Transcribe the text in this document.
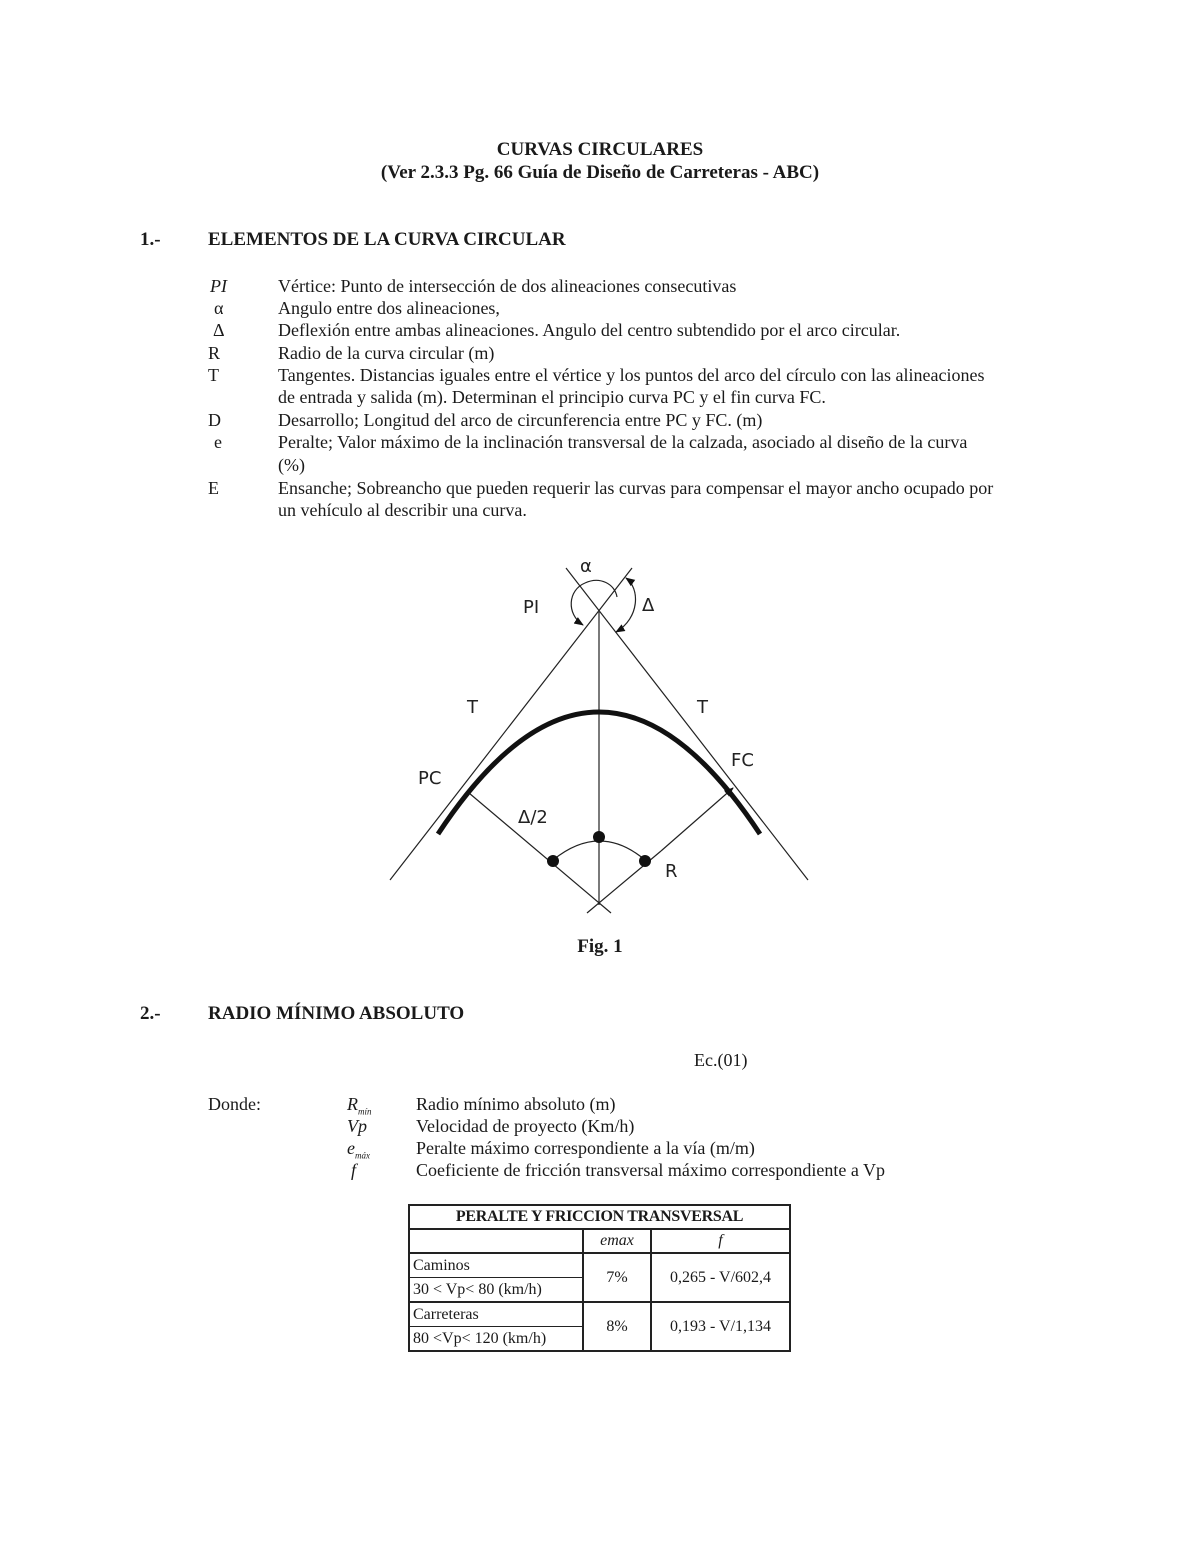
CURVAS CIRCULARES
(Ver 2.3.3 Pg. 66 Guía de Diseño de Carreteras - ABC)
1.- ELEMENTOS DE LA CURVA CIRCULAR
PI	Vértice: Punto de intersección de dos alineaciones consecutivas
α	Angulo entre dos alineaciones,
Δ	Deflexión entre ambas alineaciones. Angulo del centro subtendido por el arco circular.
R	Radio de la curva circular (m)
T	Tangentes. Distancias iguales entre el vértice y los puntos del arco del círculo con las alineaciones
de entrada y salida (m). Determinan el principio curva PC y el fin curva FC.
D	Desarrollo; Longitud del arco de circunferencia entre PC y FC. (m)
e	Peralte; Valor máximo de la inclinación transversal de la calzada, asociado al diseño de la curva
(%)
E	Ensanche; Sobreancho que pueden requerir las curvas para compensar el mayor ancho ocupado por
un vehículo al describir una curva.
α
Δ
PI
T	T
PC
FC
Δ/2
R
Fig. 1
2.- RADIO MÍNIMO ABSOLUTO
Ec.(01)
Donde:	$R_{mín}$ Radio mínimo absoluto (m)
Vp	Velocidad de proyecto (Km/h)
$e_{máx}$	Peralte máximo correspondiente a la vía (m/m)
f	Coeficiente de fricción transversal máximo correspondiente a Vp
PERALTE Y FRICCION TRANSVERSAL		
	emax	f

Caminos
30 < Vp< 80 (km/h)	7%	0,265 - V/602,4

Carreteras
80 <Vp< 120 (km/h)	8%	0,193 - V/1,134
